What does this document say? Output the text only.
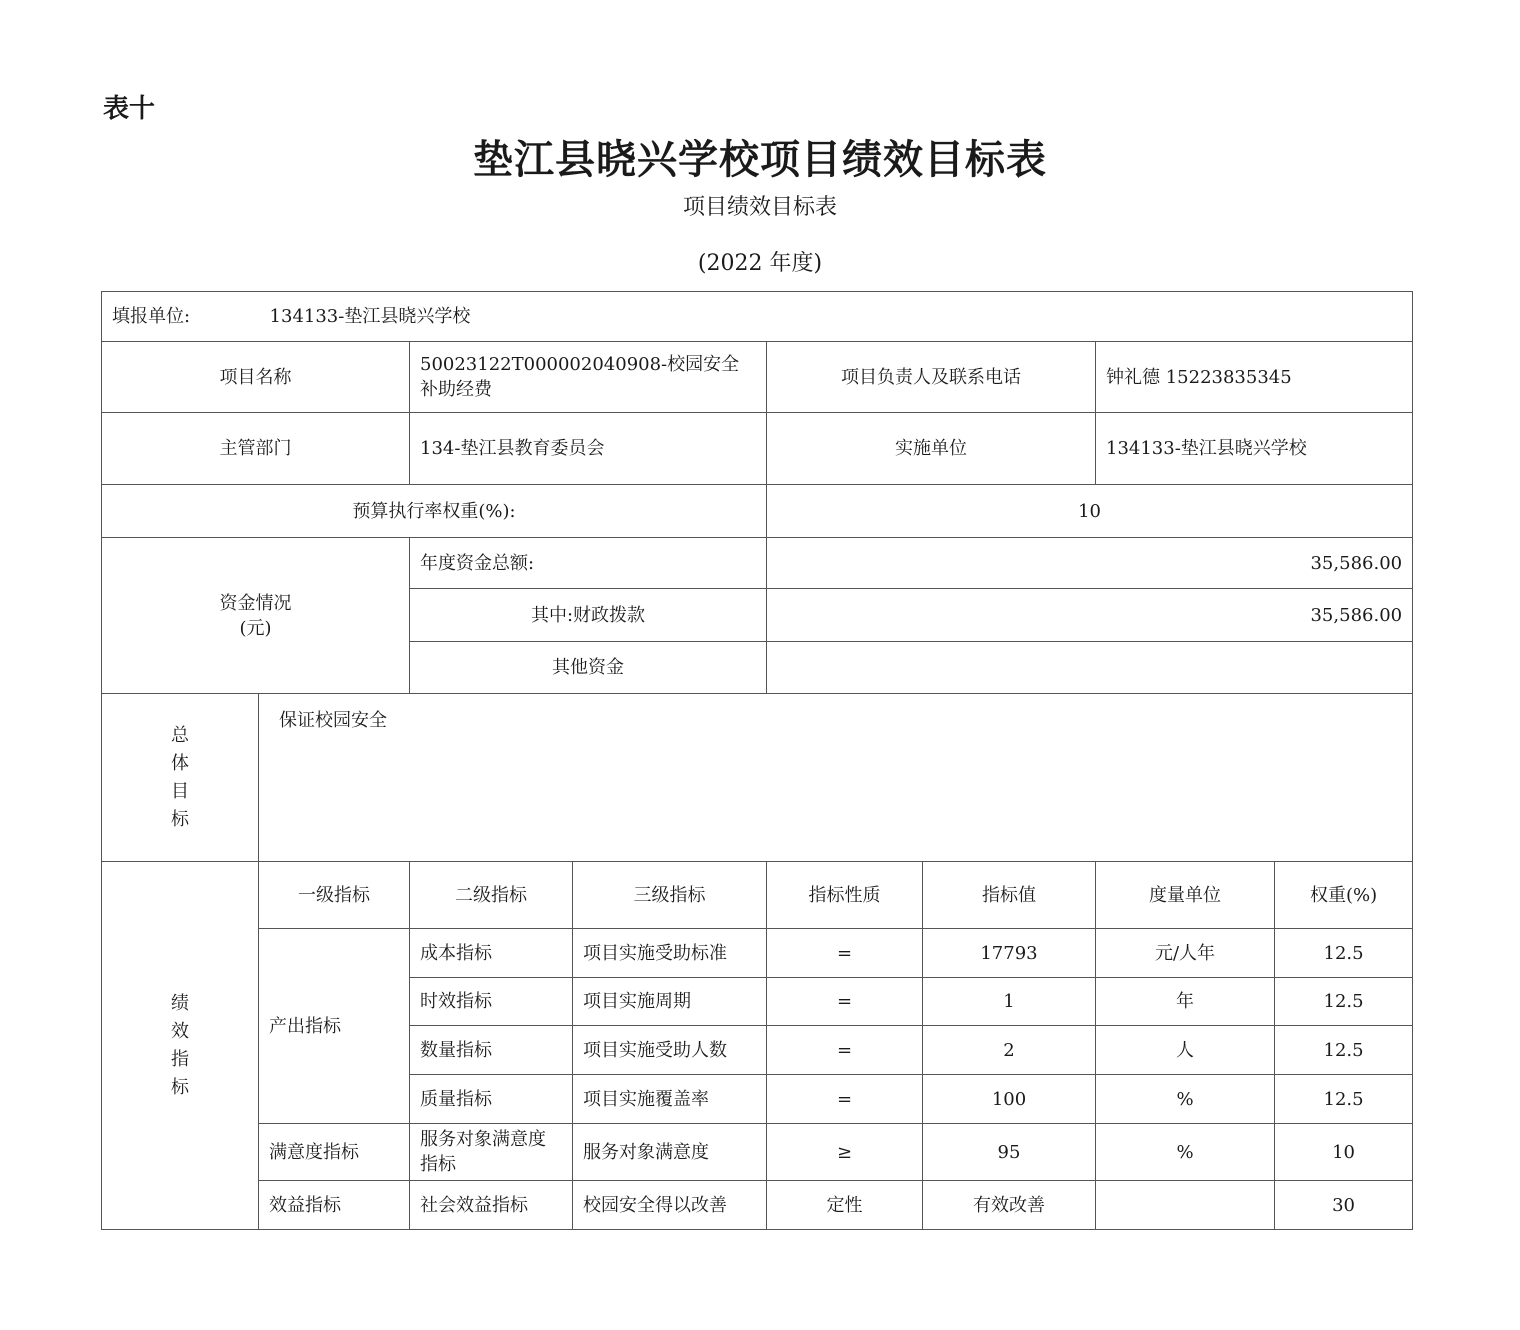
表十
垫江县晓兴学校项目绩效目标表
项目绩效目标表
(2022 年度)
填报单位: 134133-垫江县晓兴学校							
项目名称		50023122T000002040908-校园安全补助经费		项目负责人及联系电话		钟礼德 15223835345	
主管部门		134-垫江县教育委员会		实施单位		134133-垫江县晓兴学校	
预算执行率权重(%):				10			

资金情况
(元)		年度资金总额:		35,586.00			
		其中:财政拨款		35,586.00			
		其他资金					

总
体
目
标	保证校园安全						

绩
效
指
标	一级指标	二级指标	三级指标	指标性质	指标值	度量单位	权重(%)
	产出指标	成本指标	项目实施受助标准	=	17793	元/人年	12.5
		时效指标	项目实施周期	=	1	年	12.5
		数量指标	项目实施受助人数	=	2	人	12.5
		质量指标	项目实施覆盖率	=	100	%	12.5
	满意度指标	服务对象满意度指标	服务对象满意度	≥	95	%	10
	效益指标	社会效益指标	校园安全得以改善	定性	有效改善		30
